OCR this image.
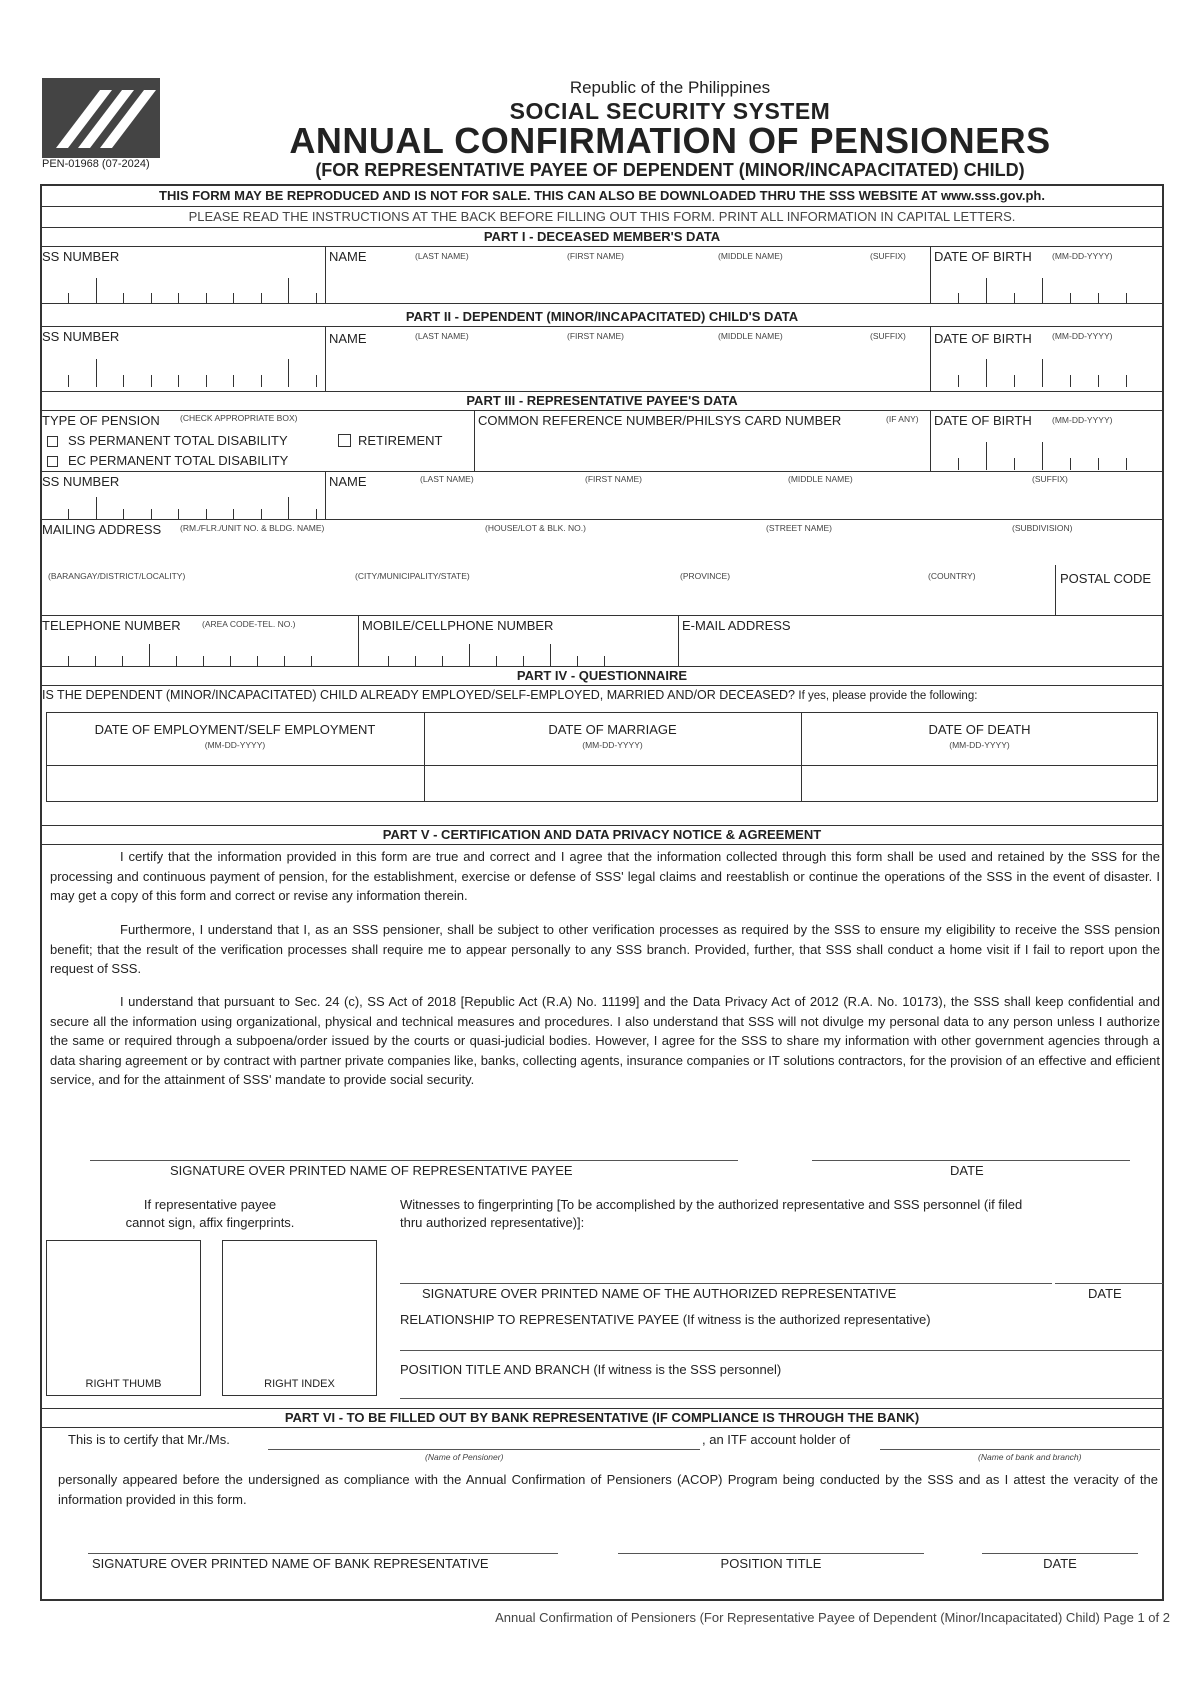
PEN-01968 (07-2024)
Republic of the Philippines
SOCIAL SECURITY SYSTEM
ANNUAL CONFIRMATION OF PENSIONERS
(FOR REPRESENTATIVE PAYEE OF DEPENDENT (MINOR/INCAPACITATED) CHILD)
THIS FORM MAY BE REPRODUCED AND IS NOT FOR SALE. THIS CAN ALSO BE DOWNLOADED THRU THE SSS WEBSITE AT www.sss.gov.ph.
PLEASE READ THE INSTRUCTIONS AT THE BACK BEFORE FILLING OUT THIS FORM. PRINT ALL INFORMATION IN CAPITAL LETTERS.
PART I - DECEASED MEMBER'S DATA
SS NUMBER	NAME	(LAST NAME)	(FIRST NAME)	(MIDDLE NAME)	(SUFFIX) DATE OF BIRTH (MM-DD-YYYY)
PART II - DEPENDENT (MINOR/INCAPACITATED) CHILD'S DATA
SS NUMBER	NAME	(LAST NAME)	(FIRST NAME)	(MIDDLE NAME)	(SUFFIX) DATE OF BIRTH (MM-DD-YYYY)
PART III - REPRESENTATIVE PAYEE'S DATA
TYPE OF PENSION (CHECK APPROPRIATE BOX)
SS PERMANENT TOTAL DISABILITY	RETIREMENT
EC PERMANENT TOTAL DISABILITY
COMMON REFERENCE NUMBER/PHILSYS CARD NUMBER	(IF ANY) DATE OF BIRTH (MM-DD-YYYY)
SS NUMBER	NAME	(LAST NAME)	(FIRST NAME)	(MIDDLE NAME)	(SUFFIX)
MAILING ADDRESS (RM./FLR./UNIT NO. & BLDG. NAME)	(HOUSE/LOT & BLK. NO.)	(STREET NAME)	(SUBDIVISION)
(BARANGAY/DISTRICT/LOCALITY)	(CITY/MUNICIPALITY/STATE)	(PROVINCE)	(COUNTRY)	POSTAL CODE
TELEPHONE NUMBER	(AREA CODE-TEL. NO.)	MOBILE/CELLPHONE NUMBER	E-MAIL ADDRESS
PART IV - QUESTIONNAIRE
IS THE DEPENDENT (MINOR/INCAPACITATED) CHILD ALREADY EMPLOYED/SELF-EMPLOYED, MARRIED AND/OR DECEASED? If yes, please provide the following:
DATE OF EMPLOYMENT/SELF EMPLOYMENT
(MM-DD-YYYY)
DATE OF MARRIAGE
(MM-DD-YYYY)
DATE OF DEATH
(MM-DD-YYYY)
PART V - CERTIFICATION AND DATA PRIVACY NOTICE & AGREEMENT
I certify that the information provided in this form are true and correct and I agree that the information collected through this form shall be used and retained by the SSS for the processing and continuous payment of pension, for the establishment, exercise or defense of SSS' legal claims and reestablish or continue the operations of the SSS in the event of disaster. I may get a copy of this form and correct or revise any information therein.
Furthermore, I understand that I, as an SSS pensioner, shall be subject to other verification processes as required by the SSS to ensure my eligibility to receive the SSS pension benefit; that the result of the verification processes shall require me to appear personally to any SSS branch. Provided, further, that SSS shall conduct a home visit if I fail to report upon the request of SSS.
I understand that pursuant to Sec. 24 (c), SS Act of 2018 [Republic Act (R.A) No. 11199] and the Data Privacy Act of 2012 (R.A. No. 10173), the SSS shall keep confidential and secure all the information using organizational, physical and technical measures and procedures. I also understand that SSS will not divulge my personal data to any person unless I authorize the same or required through a subpoena/order issued by the courts or quasi-judicial bodies. However, I agree for the SSS to share my information with other government agencies through a data sharing agreement or by contract with partner private companies like, banks, collecting agents, insurance companies or IT solutions contractors, for the provision of an effective and efficient service, and for the attainment of SSS' mandate to provide social security.
SIGNATURE OVER PRINTED NAME OF REPRESENTATIVE PAYEE	DATE
If representative payee
cannot sign, affix fingerprints.
Witnesses to fingerprinting [To be accomplished by the authorized representative and SSS personnel (if filed
thru authorized representative)]:
RIGHT THUMB	RIGHT INDEX
SIGNATURE OVER PRINTED NAME OF THE AUTHORIZED REPRESENTATIVE	DATE
RELATIONSHIP TO REPRESENTATIVE PAYEE (If witness is the authorized representative)
POSITION TITLE AND BRANCH (If witness is the SSS personnel)
PART VI - TO BE FILLED OUT BY BANK REPRESENTATIVE (IF COMPLIANCE IS THROUGH THE BANK)
This is to certify that Mr./Ms.	, an ITF account holder of
(Name of Pensioner)	(Name of bank and branch)
personally appeared before the undersigned as compliance with the Annual Confirmation of Pensioners (ACOP) Program being conducted by the SSS and as I attest the veracity of the information provided in this form.
SIGNATURE OVER PRINTED NAME OF BANK REPRESENTATIVE	POSITION TITLE	DATE
Annual Confirmation of Pensioners (For Representative Payee of Dependent (Minor/Incapacitated) Child) Page 1 of 2
